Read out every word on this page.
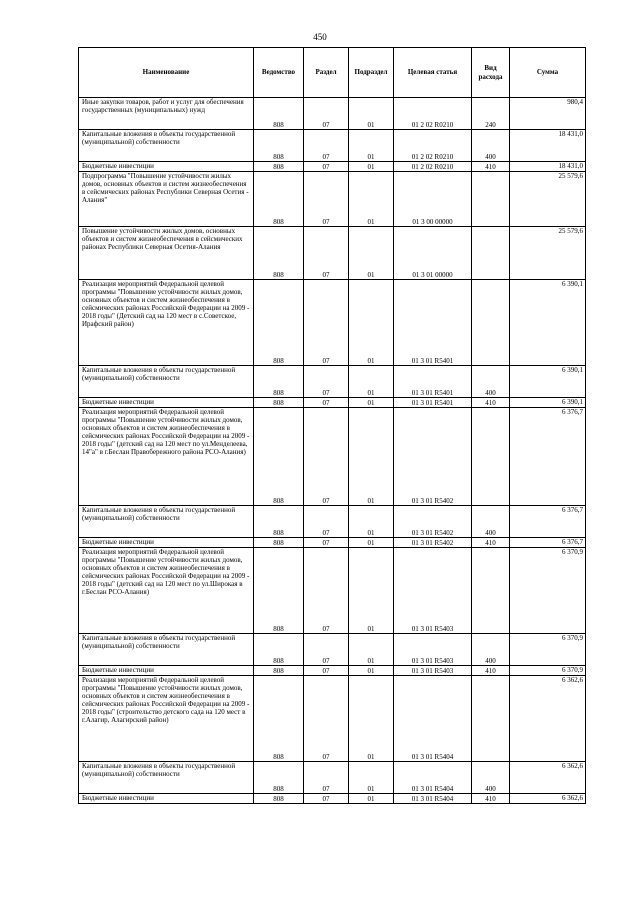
450
Наименование	Ведомство	Раздел	Подраздел	Целевая статья	Вид расхода	Сумма
Иные закупки товаров, работ и услуг для обеспечения государственных (муниципальных) нужд	808	07	01	01 2 02 R0210	240	980,4
Капитальные вложения в объекты государственной (муниципальной) собственности	808	07	01	01 2 02 R0210	400	18 431,0
Бюджетные инвестиции	808	07	01	01 2 02 R0210	410	18 431,0
Подпрограмма "Повышение устойчивости жилых домов, основных объектов и систем жизнеобеспечения в сейсмических районах Республики Северная Осетия - Алания"	808	07	01	01 3 00 00000		25 579,6
Повышение устойчивости жилых домов, основных объектов и систем жизнеобеспечения в сейсмических районах Республики Северная Осетия-Алания	808	07	01	01 3 01 00000		25 579,6
Реализация мероприятий Федеральной целевой программы "Повышение устойчивости жилых домов, основных объектов и систем жизнеобеспечения в сейсмических районах Российской Федерации на 2009 - 2018 годы" (Детский сад на 120 мест в с.Советское, Ирафский район)	808	07	01	01 3 01 R5401		6 390,1
Капитальные вложения в объекты государственной (муниципальной) собственности	808	07	01	01 3 01 R5401	400	6 390,1
Бюджетные инвестиции	808	07	01	01 3 01 R5401	410	6 390,1
Реализация мероприятий Федеральной целевой программы "Повышение устойчивости жилых домов, основных объектов и систем жизнеобеспечения в сейсмических районах Российской Федерации на 2009 - 2018 годы" (детский сад на 120 мест по ул.Менделеева, 14"а" в г.Беслан Правобережного района РСО-Алания)	808	07	01	01 3 01 R5402		6 376,7
Капитальные вложения в объекты государственной (муниципальной) собственности	808	07	01	01 3 01 R5402	400	6 376,7
Бюджетные инвестиции	808	07	01	01 3 01 R5402	410	6 376,7
Реализация мероприятий Федеральной целевой программы "Повышение устойчивости жилых домов, основных объектов и систем жизнеобеспечения в сейсмических районах Российской Федерации на 2009 - 2018 годы" (детский сад на 120 мест по ул.Широкая в г.Беслан РСО-Алания)	808	07	01	01 3 01 R5403		6 370,9
Капитальные вложения в объекты государственной (муниципальной) собственности	808	07	01	01 3 01 R5403	400	6 370,9
Бюджетные инвестиции	808	07	01	01 3 01 R5403	410	6 370,9
Реализация мероприятий Федеральной целевой программы "Повышение устойчивости жилых домов, основных объектов и систем жизнеобеспечения в сейсмических районах Российской Федерации на 2009 - 2018 годы" (строительство детского сада на 120 мест в г.Алагир, Алагирский район)	808	07	01	01 3 01 R5404		6 362,6
Капитальные вложения в объекты государственной (муниципальной) собственности	808	07	01	01 3 01 R5404	400	6 362,6
Бюджетные инвестиции	808	07	01	01 3 01 R5404	410	6 362,6
